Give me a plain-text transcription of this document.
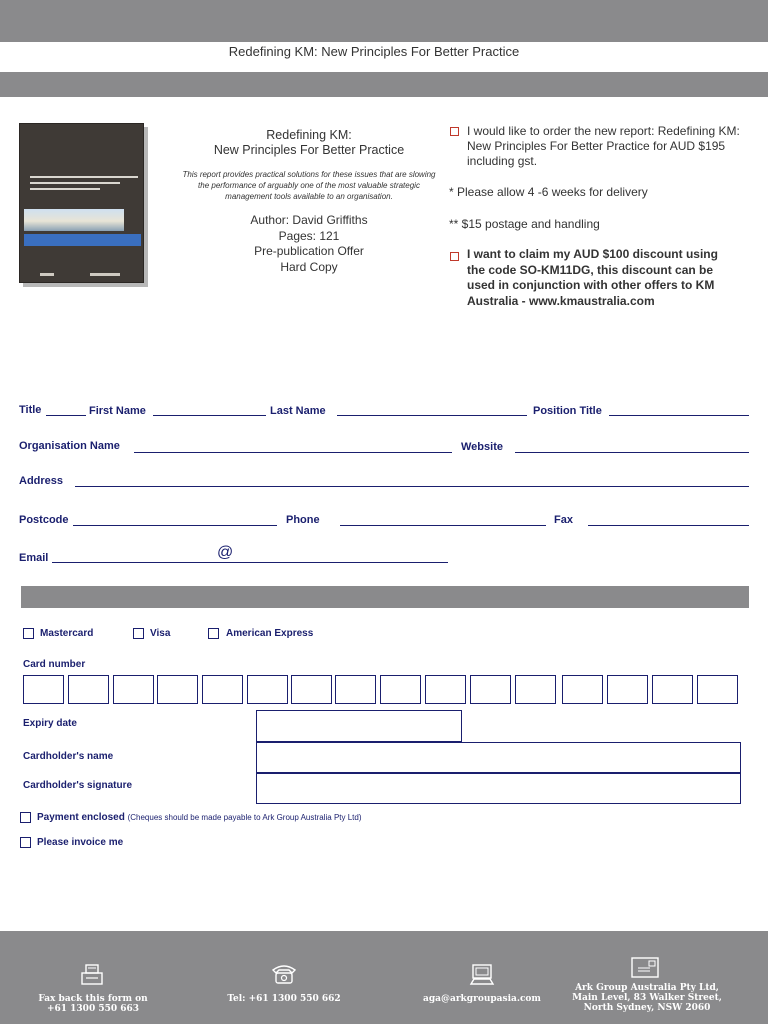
Redefining KM: New Principles For Better Practice
Redefining KM:
New Principles For Better Practice
This report provides practical solutions for these issues that are slowing the performance of arguably one of the most valuable strategic management tools available to an organisation.
Author: David Griffiths
Pages: 121
Pre-publication Offer
Hard Copy
I would like to order the new report: Redefining KM: New Principles For Better Practice for AUD $195 including gst.
* Please allow 4 -6 weeks for delivery
** $15 postage and handling
I want to claim my AUD $100 discount using the code SO-KM11DG, this discount can be used in conjunction with other offers to KM Australia - www.kmaustralia.com
Title	First Name	Last Name	Position Title
Organisation Name	Website
Address
Postcode	Phone	Fax
Email	@
Mastercard	Visa	American Express
Card number
Expiry date
Cardholder's name
Cardholder's signature
Payment enclosed (Cheques should be made payable to Ark Group Australia Pty Ltd)
Please invoice me
Fax back this form on
+61 1300 550 663
Tel: +61 1300 550 662	aga@arkgroupasia.com
Ark Group Australia Pty Ltd,
Main Level, 83 Walker Street,
North Sydney, NSW 2060
